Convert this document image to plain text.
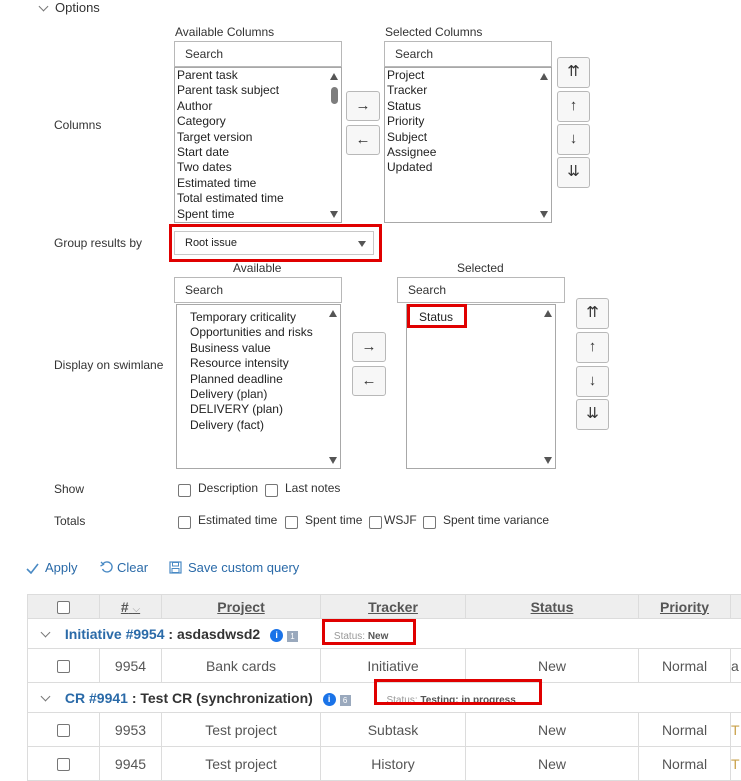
Options
Available Columns	Selected Columns
Search	Search
Columns
Parent task
Parent task subject
Author
Category
Target version
Start date
Two dates
Estimated time
Total estimated time
Spent time
→
←
Project
Tracker
Status
Priority
Subject
Assignee
Updated
⇈
↑
↓
⇊
Group results by	Root issue
Available	Selected
Search	Search
Display on swimlane
Temporary criticality
Opportunities and risks
Business value
Resource intensity
Planned deadline
Delivery (plan)
DELIVERY (plan)
Delivery (fact)
→
←
Status	⇈
↑
↓
⇊
Show	Description Last notes
Totals	Estimated time Spent time WSJF Spent time variance
Apply	Clear	Save custom query
	# ⌵	Project	Tracker	Status	Priority	
Initiative #9954 : asdasdwsd2 i 1 Status: New						
	9954	Bank cards	Initiative	New	Normal	a
CR #9941 : Test CR (synchronization) i 6 Status: Testing: in progress						
	9953	Test project	Subtask	New	Normal	T
	9945	Test project	History	New	Normal	T
